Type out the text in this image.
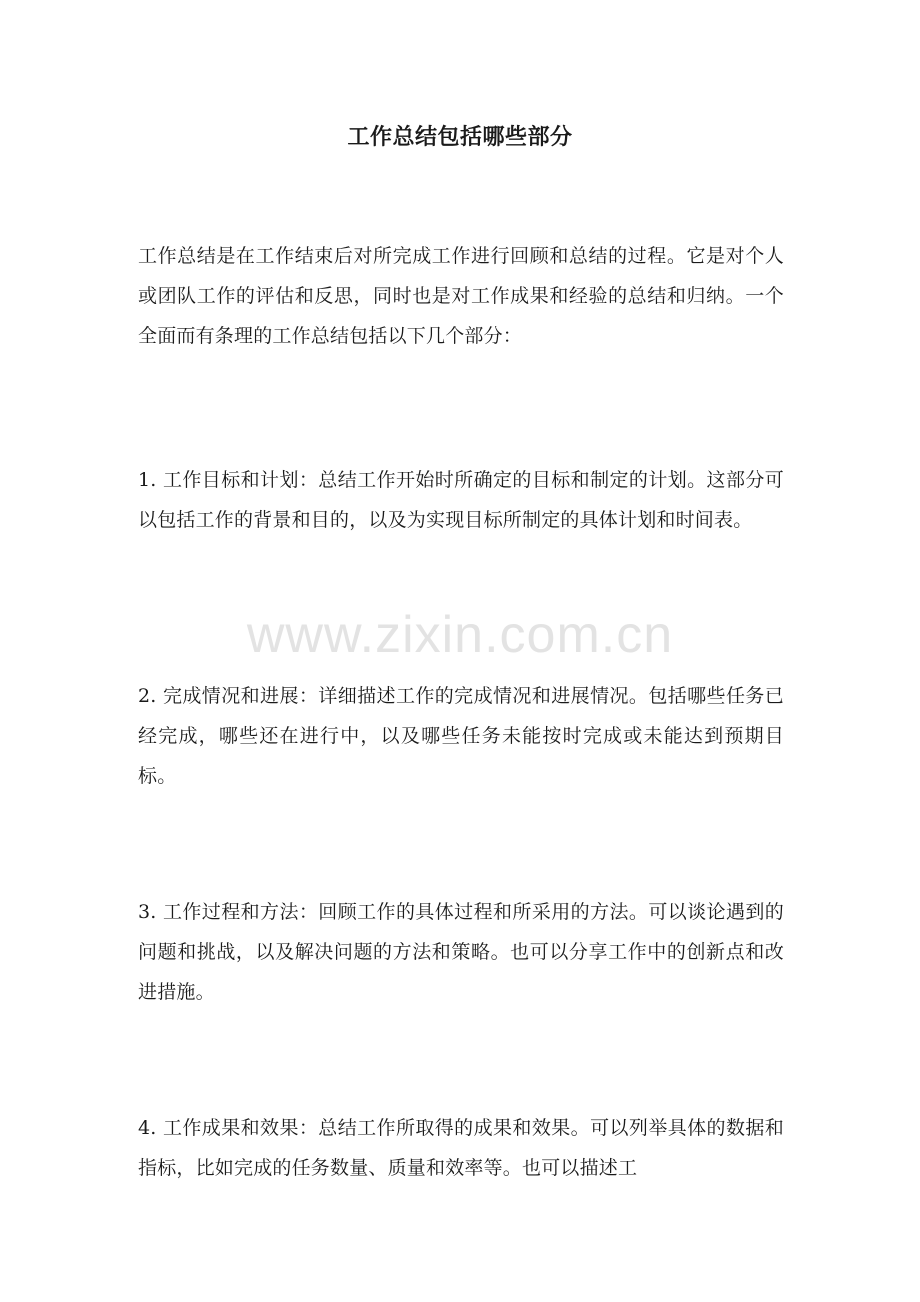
工作总结包括哪些部分

工作总结是在工作结束后对所完成工作进行回顾和总结的过程。它是对个人或团队工作的评估和反思，同时也是对工作成果和经验的总结和归纳。一个全面而有条理的工作总结包括以下几个部分：

1. 工作目标和计划：总结工作开始时所确定的目标和制定的计划。这部分可以包括工作的背景和目的，以及为实现目标所制定的具体计划和时间表。

www.zixin.com.cn

2. 完成情况和进展：详细描述工作的完成情况和进展情况。包括哪些任务已经完成，哪些还在进行中，以及哪些任务未能按时完成或未能达到预期目标。

3. 工作过程和方法：回顾工作的具体过程和所采用的方法。可以谈论遇到的问题和挑战，以及解决问题的方法和策略。也可以分享工作中的创新点和改进措施。

4. 工作成果和效果：总结工作所取得的成果和效果。可以列举具体的数据和指标，比如完成的任务数量、质量和效率等。也可以描述工
